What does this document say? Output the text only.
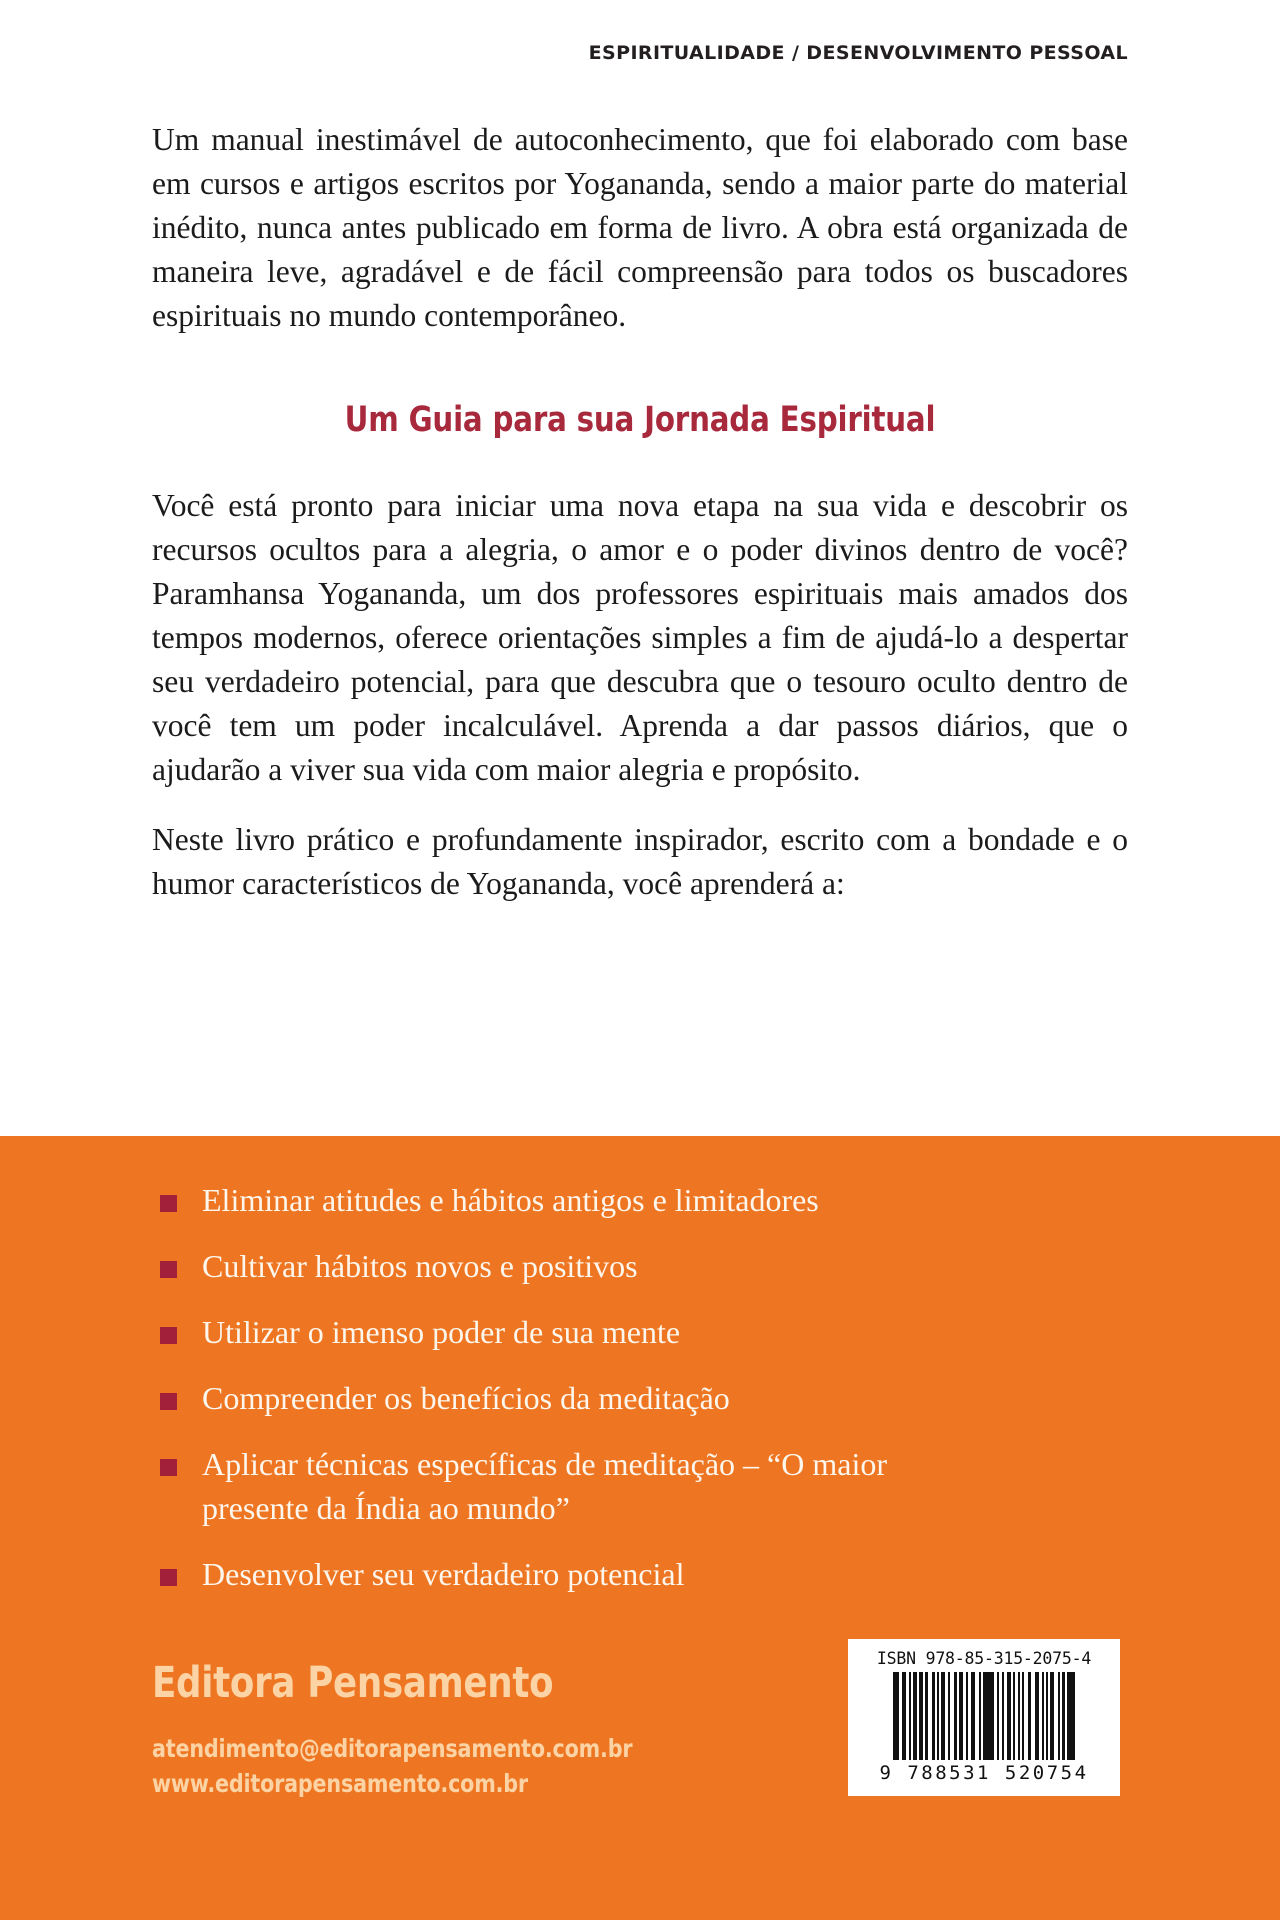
ESPIRITUALIDADE / DESENVOLVIMENTO PESSOAL

Um manual inestimável de autoconhecimento, que foi elaborado com base em cursos e artigos escritos por Yogananda, sendo a maior parte do material inédito, nunca antes publicado em forma de livro. A obra está organizada de maneira leve, agradável e de fácil compreensão para todos os buscadores espirituais no mundo contemporâneo.

Um Guia para sua Jornada Espiritual

Você está pronto para iniciar uma nova etapa na sua vida e descobrir os recursos ocultos para a alegria, o amor e o poder divinos dentro de você? Paramhansa Yogananda, um dos professores espirituais mais amados dos tempos modernos, oferece orientações simples a fim de ajudá-lo a despertar seu verdadeiro potencial, para que descubra que o tesouro oculto dentro de você tem um poder incalculável. Aprenda a dar passos diários, que o ajudarão a viver sua vida com maior alegria e propósito.

Neste livro prático e profundamente inspirador, escrito com a bondade e o humor característicos de Yogananda, você aprenderá a:

Eliminar atitudes e hábitos antigos e limitadores
Cultivar hábitos novos e positivos
Utilizar o imenso poder de sua mente
Compreender os benefícios da meditação
Aplicar técnicas específicas de meditação – “O maior presente da Índia ao mundo”
Desenvolver seu verdadeiro potencial
Editora Pensamento
atendimento@editorapensamento.com.br
www.editorapensamento.com.br
ISBN 978-85-315-2075-4
9 788531 520754
